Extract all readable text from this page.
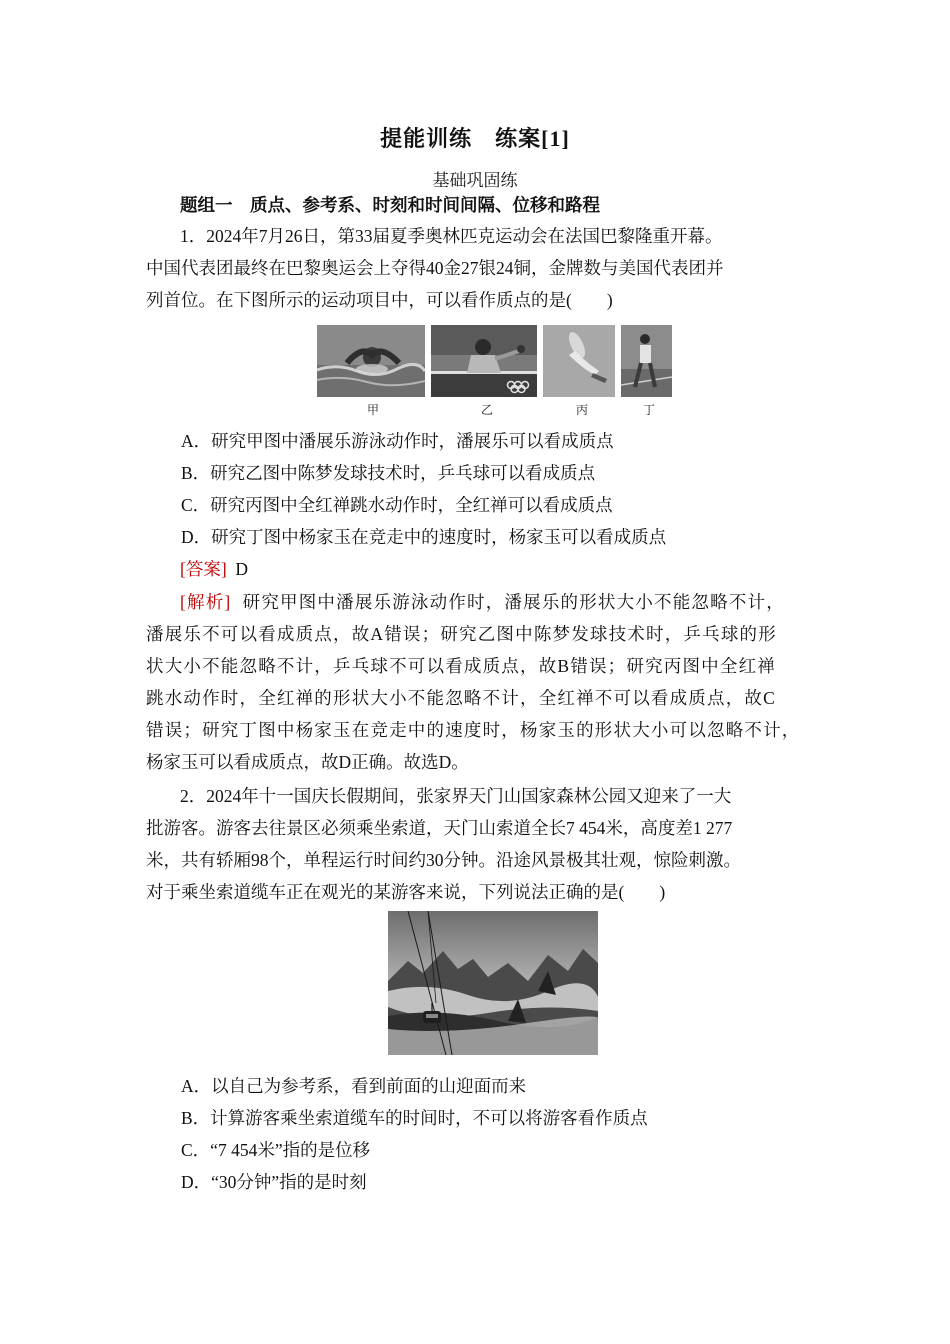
提能训练　练案[1]
基础巩固练
题组一　质点、参考系、时刻和时间间隔、位移和路程
1．2024年7月26日，第33届夏季奥林匹克运动会在法国巴黎隆重开幕。
中国代表团最终在巴黎奥运会上夺得40金27银24铜，金牌数与美国代表团并
列首位。在下图所示的运动项目中，可以看作质点的是(　　)
甲	乙	丙	丁
A．研究甲图中潘展乐游泳动作时，潘展乐可以看成质点
B．研究乙图中陈梦发球技术时，乒乓球可以看成质点
C．研究丙图中全红禅跳水动作时，全红禅可以看成质点
D．研究丁图中杨家玉在竞走中的速度时，杨家玉可以看成质点
[答案] D
[解析] 研究甲图中潘展乐游泳动作时，潘展乐的形状大小不能忽略不计，
潘展乐不可以看成质点，故A错误；研究乙图中陈梦发球技术时，乒乓球的形
状大小不能忽略不计，乒乓球不可以看成质点，故B错误；研究丙图中全红禅
跳水动作时，全红禅的形状大小不能忽略不计，全红禅不可以看成质点，故C
错误；研究丁图中杨家玉在竞走中的速度时，杨家玉的形状大小可以忽略不计，
杨家玉可以看成质点，故D正确。故选D。
2．2024年十一国庆长假期间，张家界天门山国家森林公园又迎来了一大
批游客。游客去往景区必须乘坐索道，天门山索道全长7 454米，高度差1 277
米，共有轿厢98个，单程运行时间约30分钟。沿途风景极其壮观，惊险刺激。
对于乘坐索道缆车正在观光的某游客来说，下列说法正确的是(　　)
A．以自己为参考系，看到前面的山迎面而来
B．计算游客乘坐索道缆车的时间时，不可以将游客看作质点
C．“7 454米”指的是位移
D．“30分钟”指的是时刻
